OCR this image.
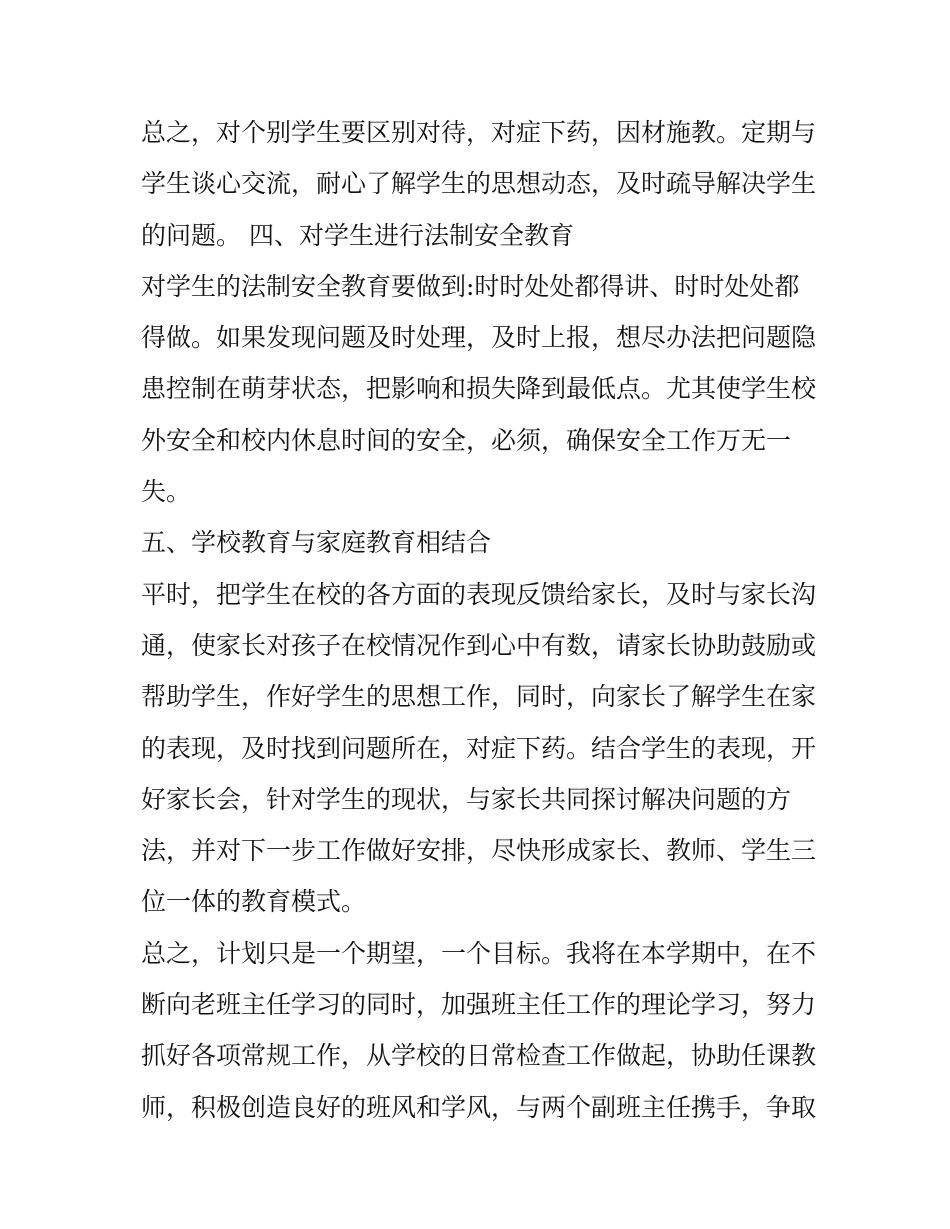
总之，对个别学生要区别对待，对症下药，因材施教。定期与
学生谈心交流，耐心了解学生的思想动态，及时疏导解决学生
的问题。 四、对学生进行法制安全教育
对学生的法制安全教育要做到:时时处处都得讲、时时处处都
得做。如果发现问题及时处理，及时上报，想尽办法把问题隐
患控制在萌芽状态，把影响和损失降到最低点。尤其使学生校
外安全和校内休息时间的安全，必须，确保安全工作万无一
失。
五、学校教育与家庭教育相结合
平时，把学生在校的各方面的表现反馈给家长，及时与家长沟
通，使家长对孩子在校情况作到心中有数，请家长协助鼓励或
帮助学生，作好学生的思想工作，同时，向家长了解学生在家
的表现，及时找到问题所在，对症下药。结合学生的表现，开
好家长会，针对学生的现状，与家长共同探讨解决问题的方
法，并对下一步工作做好安排，尽快形成家长、教师、学生三
位一体的教育模式。
总之，计划只是一个期望，一个目标。我将在本学期中，在不
断向老班主任学习的同时，加强班主任工作的理论学习，努力
抓好各项常规工作，从学校的日常检查工作做起，协助任课教
师，积极创造良好的班风和学风，与两个副班主任携手，争取
